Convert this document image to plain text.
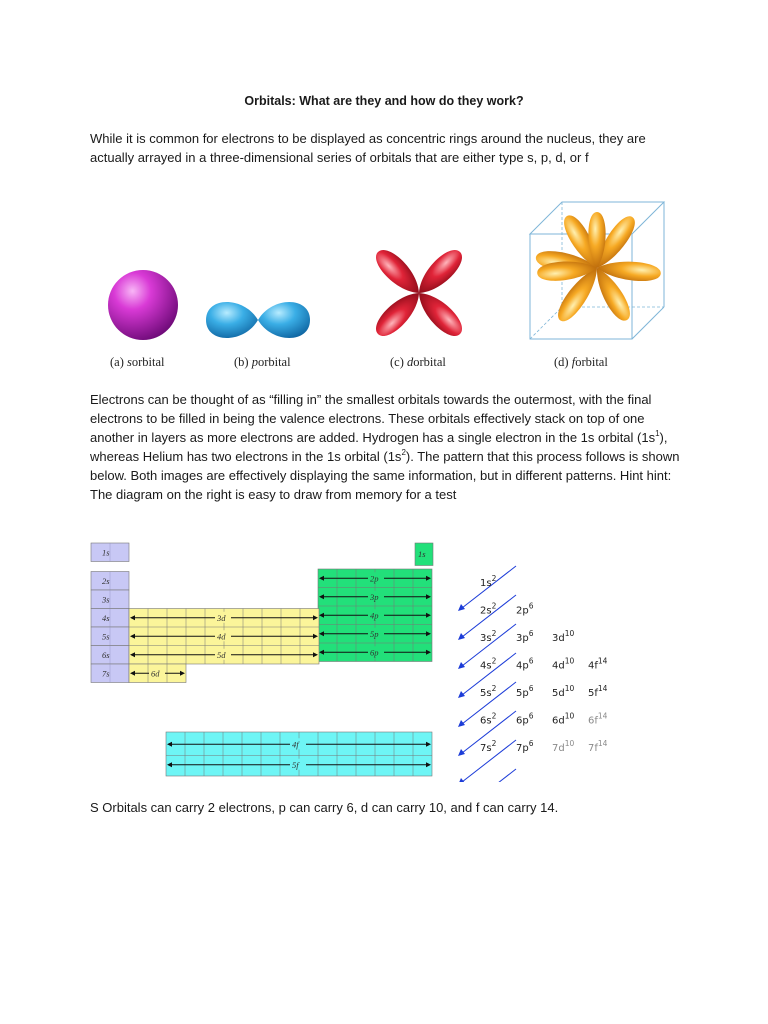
Orbitals: What are they and how do they work?
While it is common for electrons to be displayed as concentric rings around the nucleus, they are actually arrayed in a three-dimensional series of orbitals that are either type s, p, d, or f
(a) sorbital	(b) porbital	(c) dorbital	(d) forbital
Electrons can be thought of as “filling in” the smallest orbitals towards the outermost, with the final electrons to be filled in being the valence electrons. These orbitals effectively stack on top of one another in layers as more electrons are added. Hydrogen has a single electron in the 1s orbital $(1s^1)$, whereas Helium has two electrons in the 1s orbital $(1s^2)$. The pattern that this process follows is shown below. Both images are effectively displaying the same information, but in different patterns. Hint hint: The diagram on the right is easy to draw from memory for a test
1s
2s
3s
4s
5s
6s
7s
1s
2p
3p
4p
5p
6p
3d
4d
5d
6d
4f
5f
$1s^2$
$2s^2$ $2p^6$
$3s^2$ $3p^6$ $3d^{10}$
$4s^2$ $4p^6$ $4d^{10}$ $4f^{14}$
$5s^2$ $5p^6$ $5d^{10}$ $5f^{14}$
$6s^2$ $6p^6$ $6d^{10}$ $6f^{14}$
$7s^2$ $7p^6$ $7d^{10}$ $7f^{14}$
S Orbitals can carry 2 electrons, p can carry 6, d can carry 10, and f can carry 14.
